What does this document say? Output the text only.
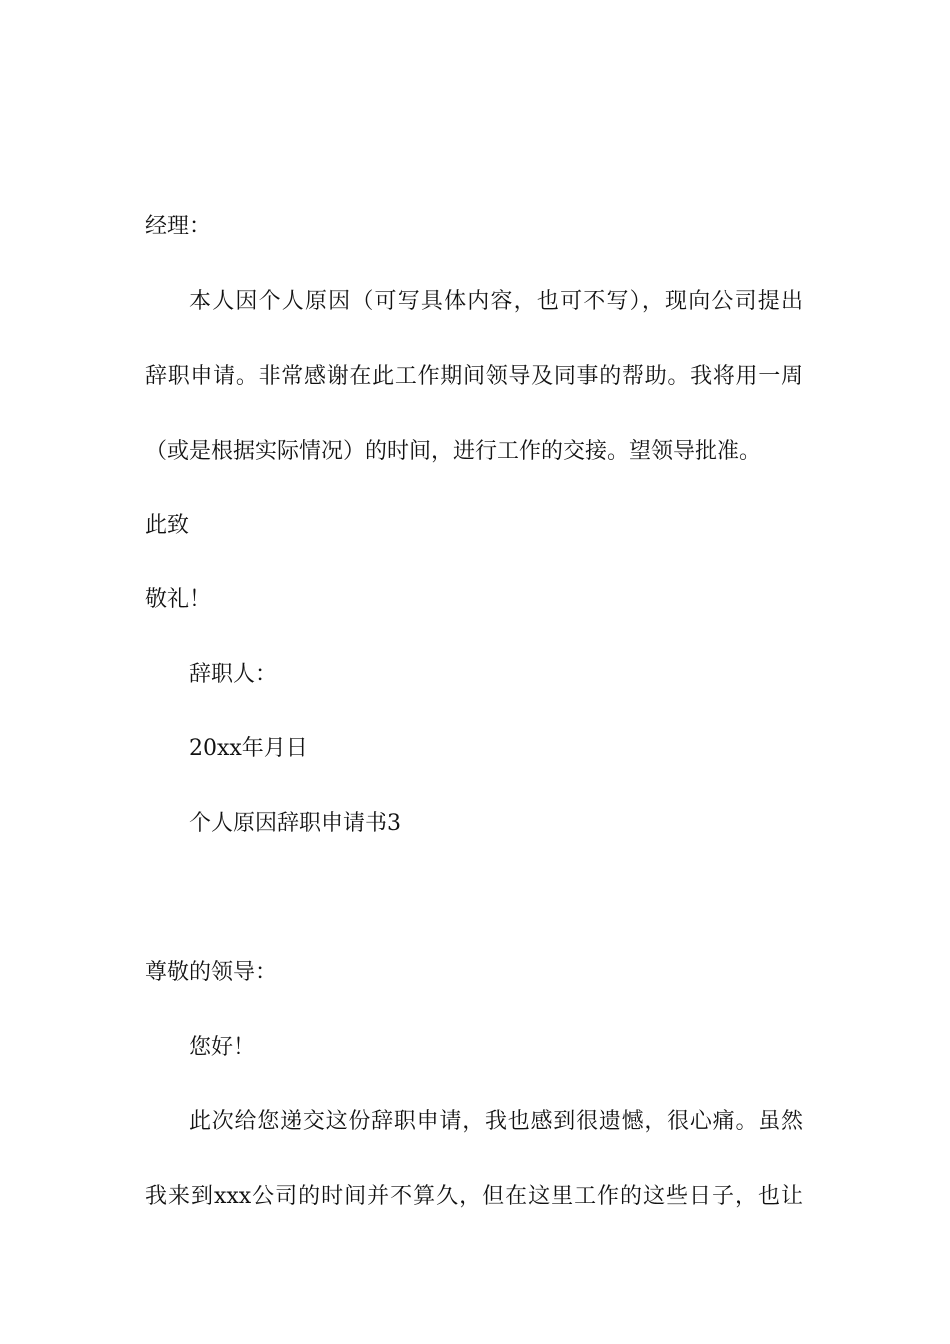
经理：
本人因个人原因（可写具体内容，也可不写），现向公司提出
辞职申请。非常感谢在此工作期间领导及同事的帮助。我将用一周
（或是根据实际情况）的时间，进行工作的交接。望领导批准。
此致
敬礼！
辞职人：
20xx年月日
个人原因辞职申请书3
尊敬的领导：
您好！
此次给您递交这份辞职申请，我也感到很遗憾，很心痛。虽然
我来到xxx公司的时间并不算久，但在这里工作的这些日子，也让
